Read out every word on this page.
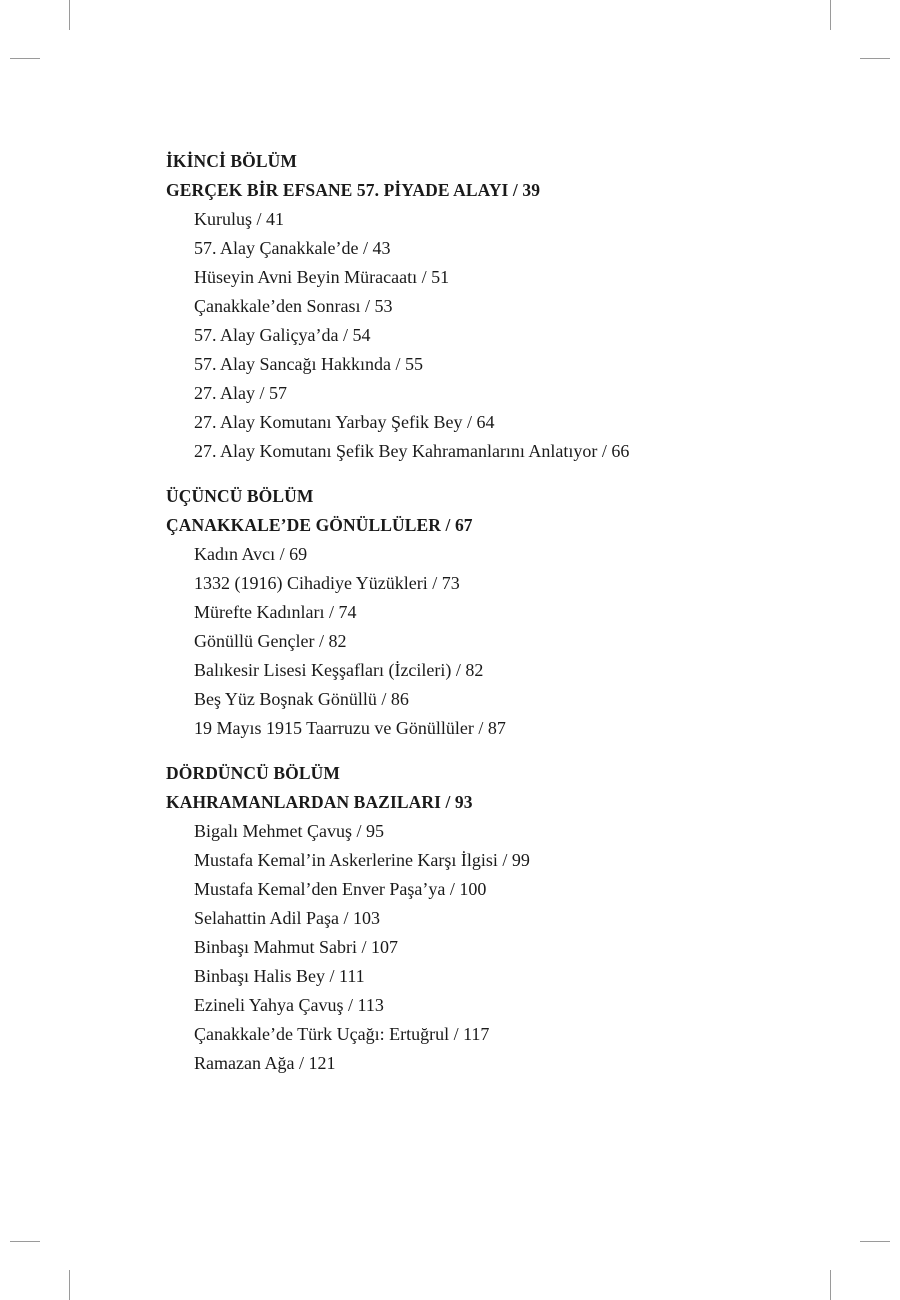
İKİNCİ BÖLÜM
GERÇEK BİR EFSANE 57. PİYADE ALAYI / 39
Kuruluş / 41
57. Alay Çanakkale’de / 43
Hüseyin Avni Beyin Müracaatı / 51
Çanakkale’den Sonrası / 53
57. Alay Galiçya’da / 54
57. Alay Sancağı Hakkında / 55
27. Alay / 57
27. Alay Komutanı Yarbay Şefik Bey / 64
27. Alay Komutanı Şefik Bey Kahramanlarını Anlatıyor / 66
ÜÇÜNCÜ BÖLÜM
ÇANAKKALE’DE GÖNÜLLÜLER / 67
Kadın Avcı / 69
1332 (1916) Cihadiye Yüzükleri / 73
Mürefte Kadınları / 74
Gönüllü Gençler / 82
Balıkesir Lisesi Keşşafları (İzcileri) / 82
Beş Yüz Boşnak Gönüllü / 86
19 Mayıs 1915 Taarruzu ve Gönüllüler / 87
DÖRDÜNCÜ BÖLÜM
KAHRAMANLARDAN BAZILARI / 93
Bigalı Mehmet Çavuş / 95
Mustafa Kemal’in Askerlerine Karşı İlgisi / 99
Mustafa Kemal’den Enver Paşa’ya / 100
Selahattin Adil Paşa / 103
Binbaşı Mahmut Sabri / 107
Binbaşı Halis Bey / 111
Ezineli Yahya Çavuş / 113
Çanakkale’de Türk Uçağı: Ertuğrul / 117
Ramazan Ağa / 121
